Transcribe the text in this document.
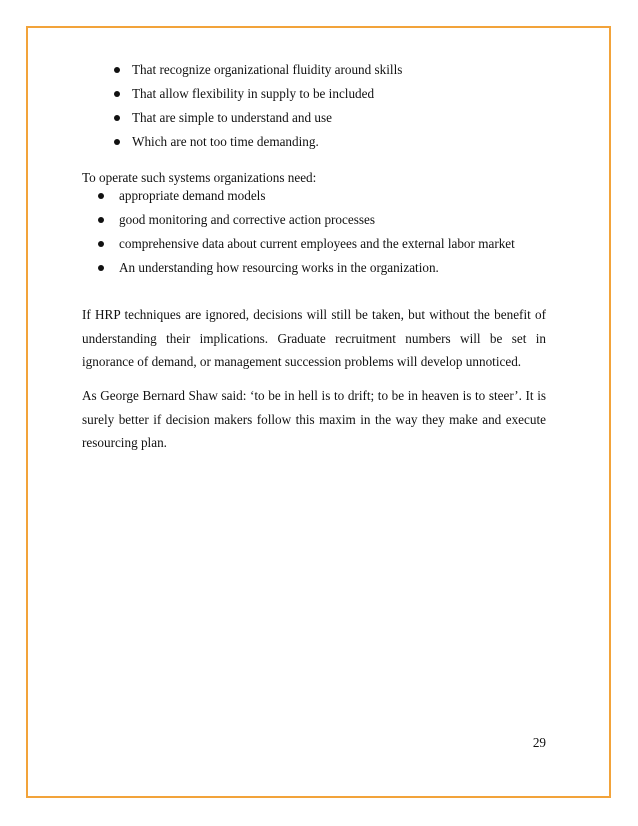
That recognize organizational fluidity around skills
That allow flexibility in supply to be included
That are simple to understand and use
Which are not too time demanding.
To operate such systems organizations need:
appropriate demand models
good monitoring and corrective action processes
comprehensive data about current employees and the external labor market
An understanding how resourcing works in the organization.

If HRP techniques are ignored, decisions will still be taken, but without the benefit of understanding their implications. Graduate recruitment numbers will be set in ignorance of demand, or management succession problems will develop unnoticed.

As George Bernard Shaw said: ‘to be in hell is to drift; to be in heaven is to steer’. It is surely better if decision makers follow this maxim in the way they make and execute resourcing plan.

29
